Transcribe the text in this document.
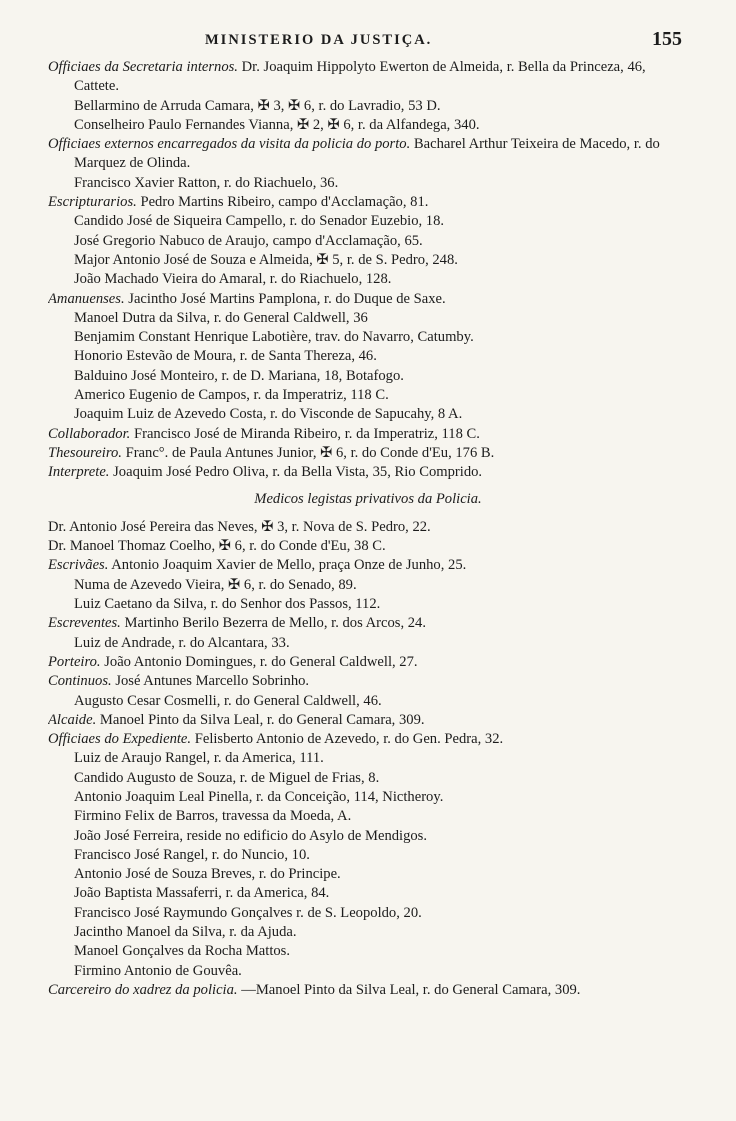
MINISTERIO DA JUSTIÇA.	155
Officiaes da Secretaria internos. Dr. Joaquim Hippolyto Ewerton de Almeida, r. Bella da Princeza, 46, Cattete.
Bellarmino de Arruda Camara, ✠ 3, ✠ 6, r. do Lavradio, 53 D.
Conselheiro Paulo Fernandes Vianna, ✠ 2, ✠ 6, r. da Alfandega, 340.
Officiaes externos encarregados da visita da policia do porto. Bacharel Arthur Teixeira de Macedo, r. do Marquez de Olinda.
Francisco Xavier Ratton, r. do Riachuelo, 36.
Escripturarios. Pedro Martins Ribeiro, campo d'Acclamação, 81.
Candido José de Siqueira Campello, r. do Senador Euzebio, 18.
José Gregorio Nabuco de Araujo, campo d'Acclamação, 65.
Major Antonio José de Souza e Almeida, ✠ 5, r. de S. Pedro, 248.
João Machado Vieira do Amaral, r. do Riachuelo, 128.
Amanuenses. Jacintho José Martins Pamplona, r. do Duque de Saxe.
Manoel Dutra da Silva, r. do General Caldwell, 36
Benjamim Constant Henrique Labotière, trav. do Navarro, Catumby.
Honorio Estevão de Moura, r. de Santa Thereza, 46.
Balduino José Monteiro, r. de D. Mariana, 18, Botafogo.
Americo Eugenio de Campos, r. da Imperatriz, 118 C.
Joaquim Luiz de Azevedo Costa, r. do Visconde de Sapucahy, 8 A.
Collaborador. Francisco José de Miranda Ribeiro, r. da Imperatriz, 118 C.
Thesoureiro. Franc°. de Paula Antunes Junior, ✠ 6, r. do Conde d'Eu, 176 B.
Interprete. Joaquim José Pedro Oliva, r. da Bella Vista, 35, Rio Comprido.
Medicos legistas privativos da Policia.
Dr. Antonio José Pereira das Neves, ✠ 3, r. Nova de S. Pedro, 22.
Dr. Manoel Thomaz Coelho, ✠ 6, r. do Conde d'Eu, 38 C.
Escrivães. Antonio Joaquim Xavier de Mello, praça Onze de Junho, 25.
Numa de Azevedo Vieira, ✠ 6, r. do Senado, 89.
Luiz Caetano da Silva, r. do Senhor dos Passos, 112.
Escreventes. Martinho Berilo Bezerra de Mello, r. dos Arcos, 24.
Luiz de Andrade, r. do Alcantara, 33.
Porteiro. João Antonio Domingues, r. do General Caldwell, 27.
Continuos. José Antunes Marcello Sobrinho.
Augusto Cesar Cosmelli, r. do General Caldwell, 46.
Alcaide. Manoel Pinto da Silva Leal, r. do General Camara, 309.
Officiaes do Expediente. Felisberto Antonio de Azevedo, r. do Gen. Pedra, 32.
Luiz de Araujo Rangel, r. da America, 111.
Candido Augusto de Souza, r. de Miguel de Frias, 8.
Antonio Joaquim Leal Pinella, r. da Conceição, 114, Nictheroy.
Firmino Felix de Barros, travessa da Moeda, A.
João José Ferreira, reside no edificio do Asylo de Mendigos.
Francisco José Rangel, r. do Nuncio, 10.
Antonio José de Souza Breves, r. do Principe.
João Baptista Massaferri, r. da America, 84.
Francisco José Raymundo Gonçalves r. de S. Leopoldo, 20.
Jacintho Manoel da Silva, r. da Ajuda.
Manoel Gonçalves da Rocha Mattos.
Firmino Antonio de Gouvêa.
Carcereiro do xadrez da policia. —Manoel Pinto da Silva Leal, r. do General Camara, 309.
